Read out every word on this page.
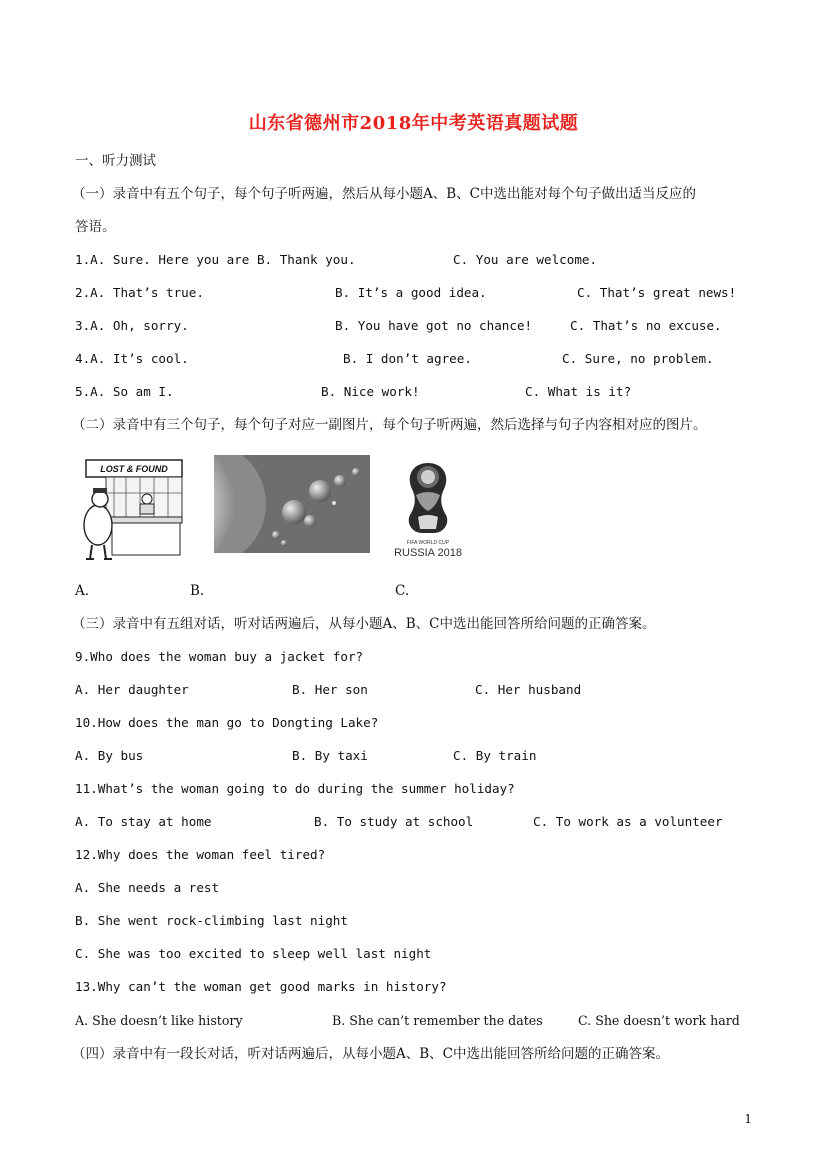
山东省德州市2018年中考英语真题试题
一、听力测试
（一）录音中有五个句子，每个句子听两遍，然后从每小题A、B、C中选出能对每个句子做出适当反应的
答语。
1.A. Sure. Here you are B. Thank you.	C. You are welcome.
2.A. That’s true.	B. It’s a good idea.	C. That’s great news!
3.A. Oh, sorry.	B. You have got no chance!	C. That’s no excuse.
4.A. It’s cool.	B. I don’t agree.	C. Sure, no problem.
5.A. So am I.	B. Nice work!	C. What is it?
（二）录音中有三个句子，每个句子对应一副图片，每个句子听两遍，然后选择与句子内容相对应的图片。
LOST & FOUND
FIFA WORLD CUP
RUSSIA 2018
A.	B.	C.
（三）录音中有五组对话，听对话两遍后，从每小题A、B、C中选出能回答所给问题的正确答案。
9.Who does the woman buy a jacket for?
A. Her daughter	B. Her son	C. Her husband
10.How does the man go to Dongting Lake?
A. By bus	B. By taxi	C. By train
11.What’s the woman going to do during the summer holiday?
A. To stay at home	B. To study at school	C. To work as a volunteer
12.Why does the woman feel tired?
A. She needs a rest
B. She went rock-climbing last night
C. She was too excited to sleep well last night
13.Why can’t the woman get good marks in history?
A. She doesn’t like history	B. She can’t remember the dates	C. She doesn’t work hard
（四）录音中有一段长对话，听对话两遍后，从每小题A、B、C中选出能回答所给问题的正确答案。
1
